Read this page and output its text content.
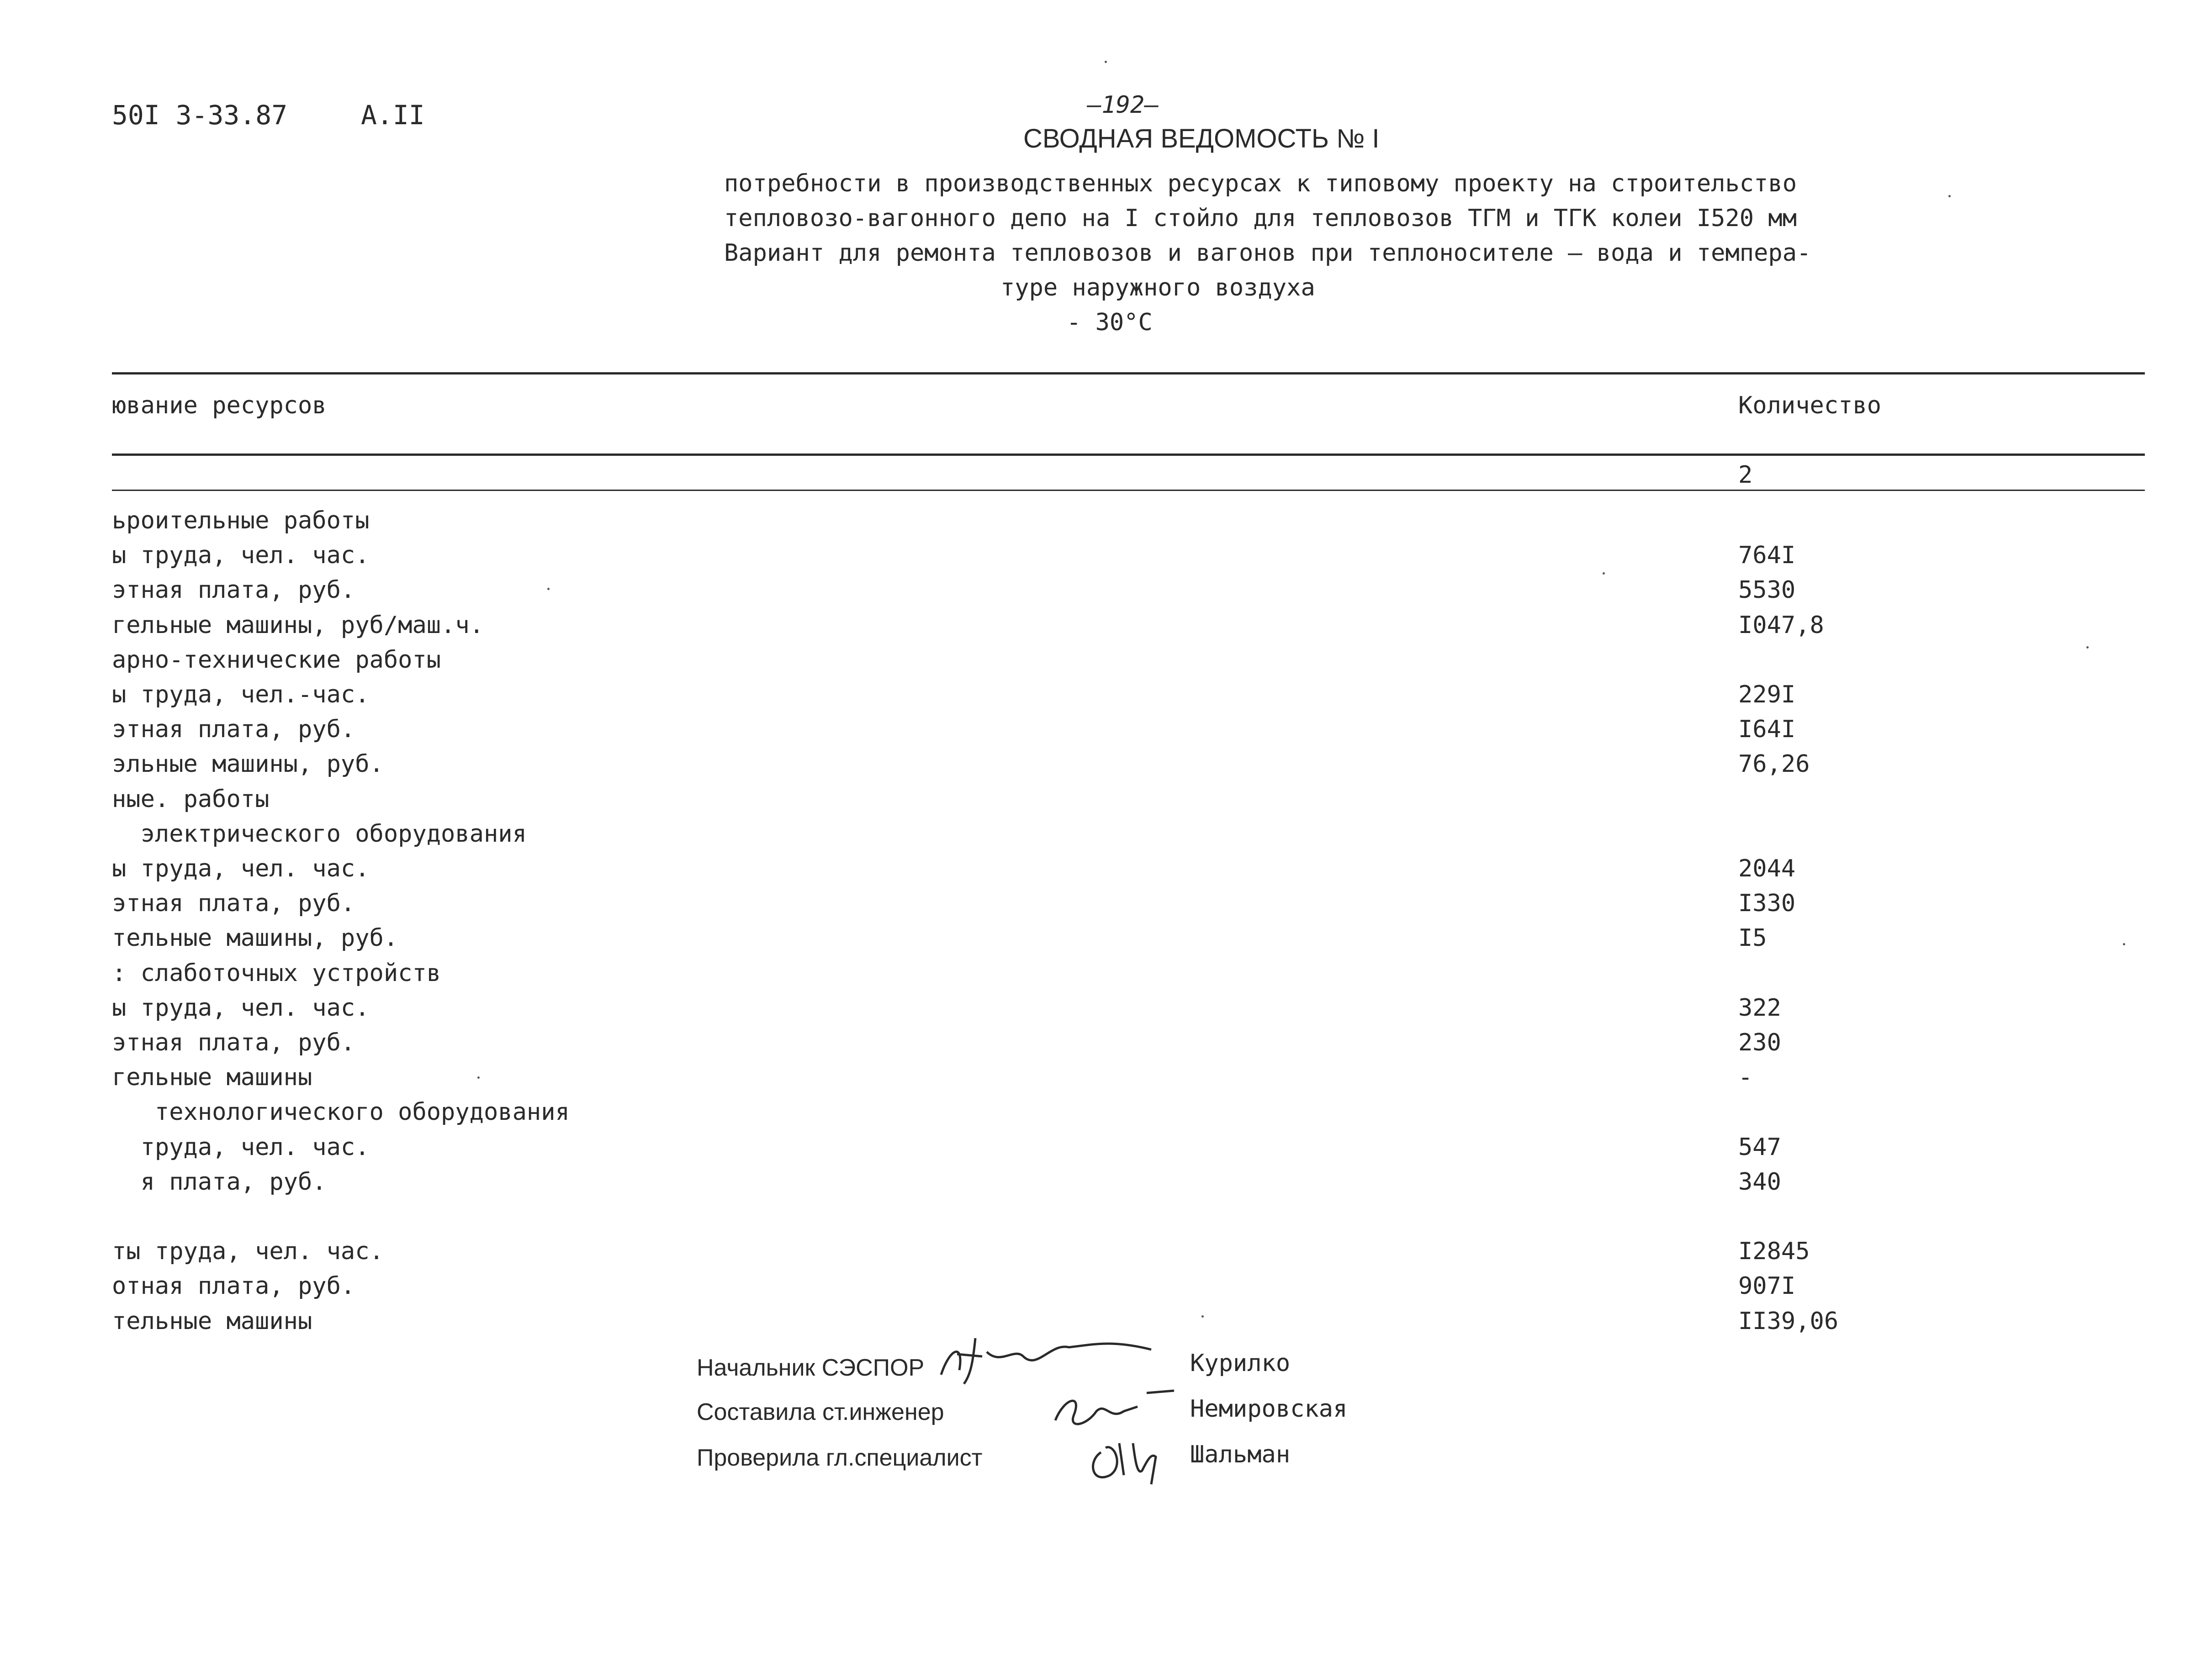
50I 3-33.87	А.II	–192–
СВОДНАЯ ВЕДОМОСТЬ № I
потребности в производственных ресурсах к типовому проекту на строительство
тепловозо-вагонного депо на I стойло для тепловозов ТГМ и ТГК колеи I520 мм
Вариант для ремонта тепловозов и вагонов при теплоносителе – вода и темпера-
туре наружного воздуха
- 30°С
ювание ресурсов	Количество
2
ьроительные работы
ы труда, чел. час.	764I
этная плата, руб.	5530
гельные машины, руб/маш.ч.	I047,8
арно-технические работы
ы труда, чел.-час.	229I
этная плата, руб.	I64I
эльные машины, руб.	76,26
ные. работы
электрического оборудования
ы труда, чел. час.	2044
этная плата, руб.	I330
тельные машины, руб.	I5
: слаботочных устройств
ы труда, чел. час.	322
этная плата, руб.	230
гельные машины	-
технологического оборудования
труда, чел. час.	547
я плата, руб.	340
ты труда, чел. час.	I2845
отная плата, руб.	907I
тельные машины	II39,06
Начальник СЭСПОР	Курилко
Составила ст.инженер	Немировская
Проверила гл.специалист	Шальман
